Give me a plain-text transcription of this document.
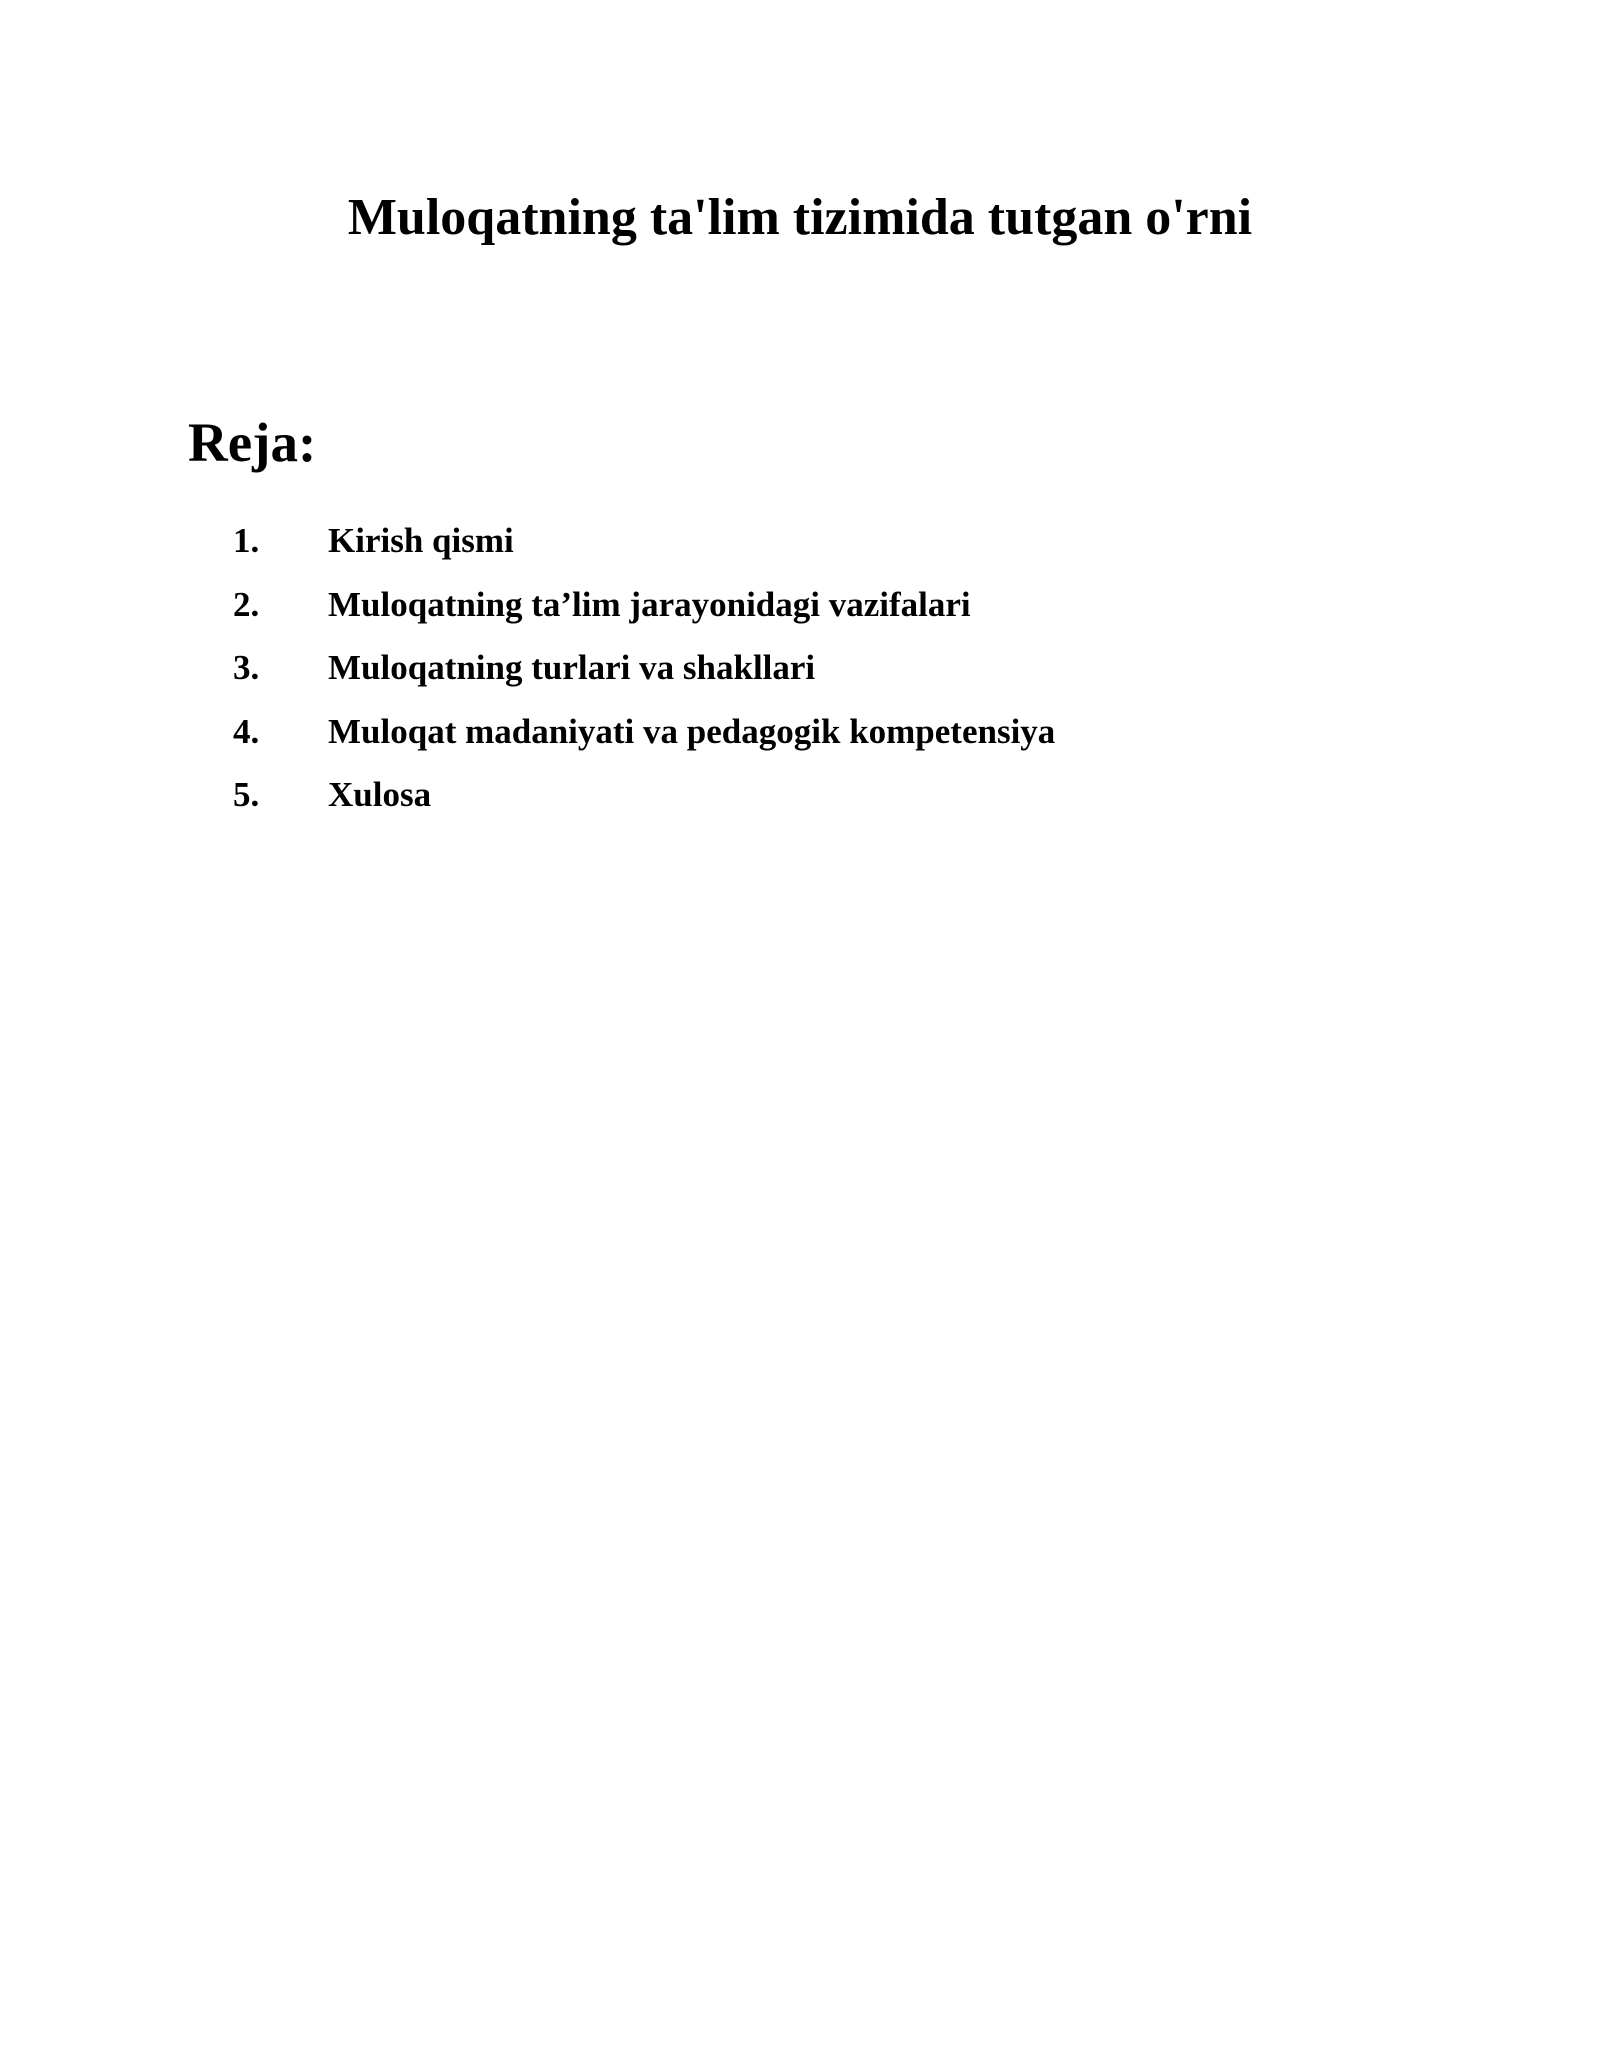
Muloqatning ta'lim tizimida tutgan o'rni
Reja:
1.	Kirish qismi
2.	Muloqatning ta’lim jarayonidagi vazifalari
3.	Muloqatning turlari va shakllari
4.	Muloqat madaniyati va pedagogik kompetensiya
5.	Xulosa
